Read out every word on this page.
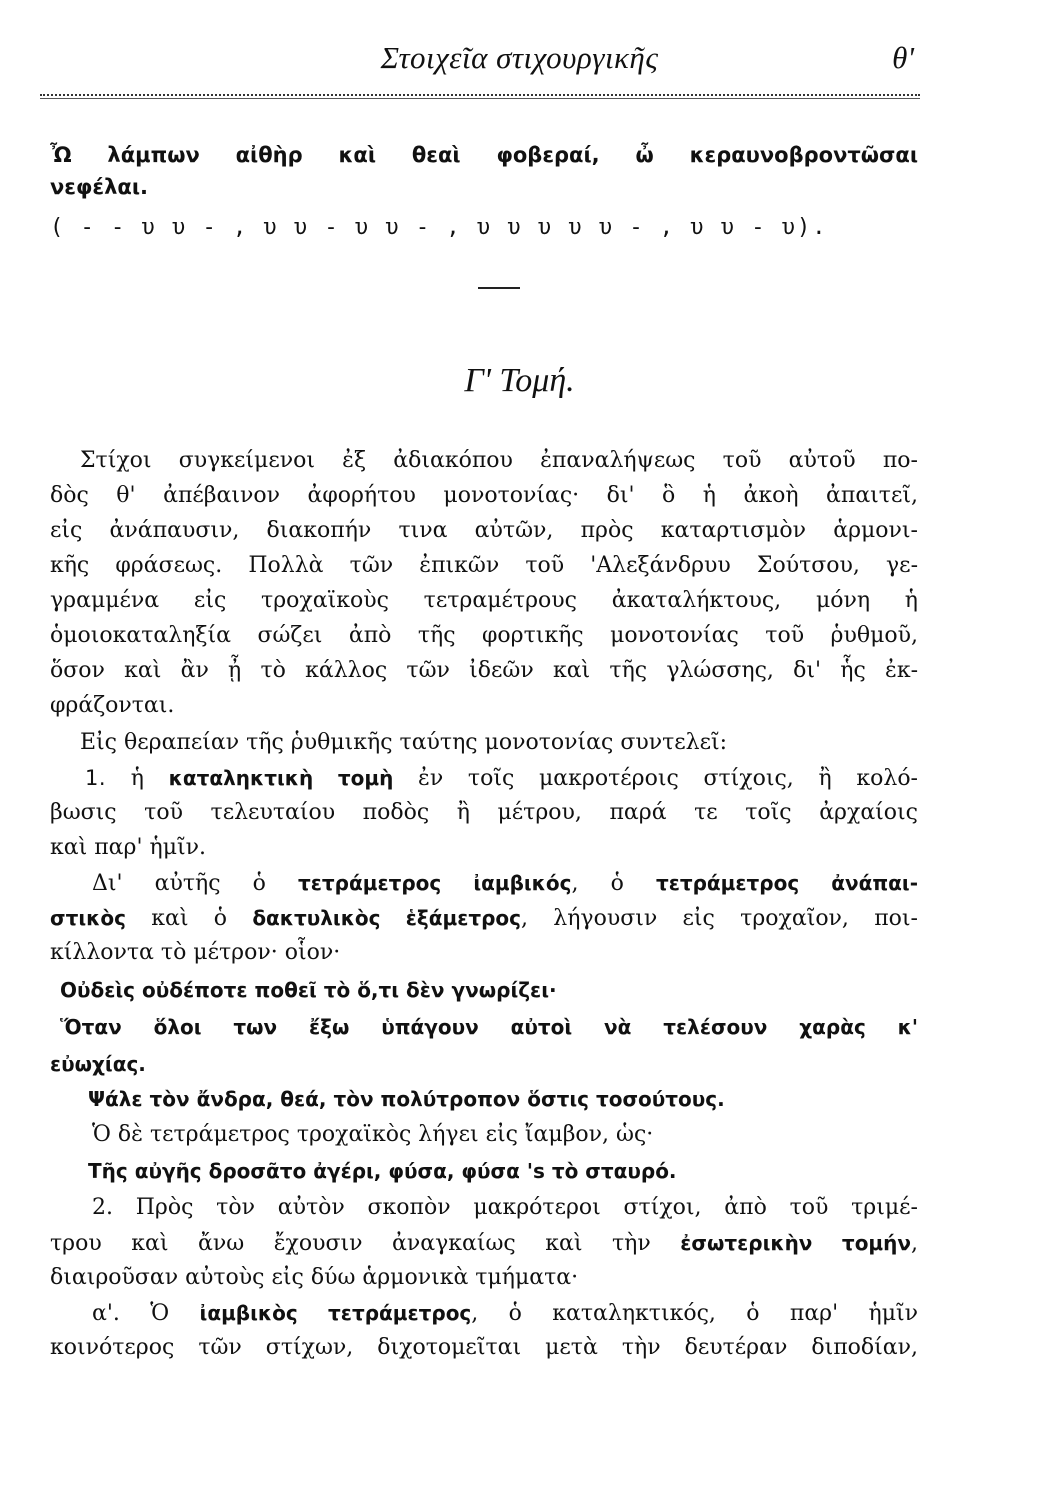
Στοιχεῖα στιχουργικῆς	θ'
Ὦ λάμπων αἰθὴρ καὶ θεαὶ φοβεραί, ὦ κεραυνοβροντῶσαι
νεφέλαι.
( - - υ υ - , υ υ - υ υ - , υ υ υ υ υ - , υ υ - υ).
Γ' Τομή.
Στίχοι συγκείμενοι ἐξ ἀδιακόπου ἐπαναλήψεως τοῦ αὐτοῦ πο-
δὸς θ' ἀπέβαινον ἀφορήτου μονοτονίας· δι' ὃ ἡ ἀκοὴ ἀπαιτεῖ,
εἰς ἀνάπαυσιν, διακοπήν τινα αὐτῶν, πρὸς καταρτισμὸν ἁρμονι-
κῆς φράσεως. Πολλὰ τῶν ἐπικῶν τοῦ 'Αλεξάνδρυυ Σούτσου, γε-
γραμμένα εἰς τροχαϊκοὺς τετραμέτρους ἀκαταλήκτους, μόνη ἡ
ὁμοιοκαταληξία σώζει ἀπὸ τῆς φορτικῆς μονοτονίας τοῦ ῥυθμοῦ,
ὅσον καὶ ἂν ᾖ τὸ κάλλος τῶν ἰδεῶν καὶ τῆς γλώσσης, δι' ἧς ἐκ-
φράζονται.
Εἰς θεραπείαν τῆς ῥυθμικῆς ταύτης μονοτονίας συντελεῖ:
1. ἡ καταληκτικὴ τομὴ ἐν τοῖς μακροτέροις στίχοις, ἢ κολό-
βωσις τοῦ τελευταίου ποδὸς ἢ μέτρου, παρά τε τοῖς ἀρχαίοις
καὶ παρ' ἡμῖν.
Δι' αὐτῆς ὁ τετράμετρος ἰαμβικός, ὁ τετράμετρος ἀνάπαι-
στικὸς καὶ ὁ δακτυλικὸς ἑξάμετρος, λήγουσιν εἰς τροχαῖον, ποι-
κίλλοντα τὸ μέτρον· οἷον·
Οὐδεὶς οὐδέποτε ποθεῖ τὸ ὅ,τι δὲν γνωρίζει·
Ὅταν ὅλοι των ἔξω ὑπάγουν αὐτοὶ νὰ τελέσουν χαρὰς κ'
εὐωχίας.
Ψάλε τὸν ἄνδρα, θεά, τὸν πολύτροπον ὅστις τοσούτους.
Ὁ δὲ τετράμετρος τροχαϊκὸς λήγει εἰς ἴαμβον, ὡς·
Τῆς αὐγῆς δροσᾶτο ἀγέρι, φύσα, φύσα 's τὸ σταυρό.
2. Πρὸς τὸν αὐτὸν σκοπὸν μακρότεροι στίχοι, ἀπὸ τοῦ τριμέ-
τρου καὶ ἄνω ἔχουσιν ἀναγκαίως καὶ τὴν ἐσωτερικὴν τομήν,
διαιροῦσαν αὐτοὺς εἰς δύω ἁρμονικὰ τμήματα·
α'. Ὁ ἰαμβικὸς τετράμετρος, ὁ καταληκτικός, ὁ παρ' ἡμῖν
κοινότερος τῶν στίχων, διχοτομεῖται μετὰ τὴν δευτέραν διποδίαν,
